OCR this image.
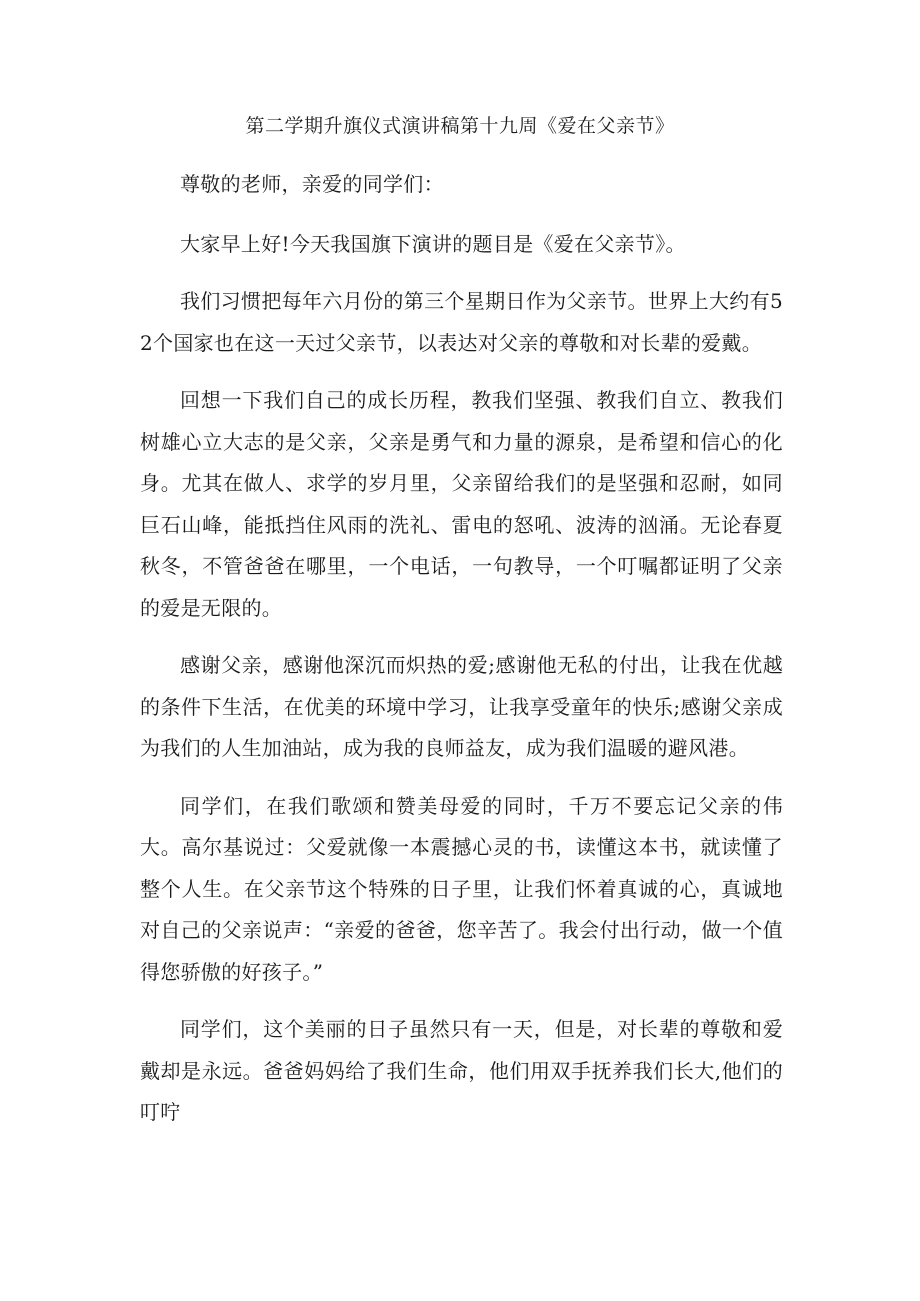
第二学期升旗仪式演讲稿第十九周《爱在父亲节》

尊敬的老师，亲爱的同学们：

大家早上好!今天我国旗下演讲的题目是《爱在父亲节》。

我们习惯把每年六月份的第三个星期日作为父亲节。世界上大约有52个国家也在这一天过父亲节，以表达对父亲的尊敬和对长辈的爱戴。

回想一下我们自己的成长历程，教我们坚强、教我们自立、教我们树雄心立大志的是父亲，父亲是勇气和力量的源泉，是希望和信心的化身。尤其在做人、求学的岁月里，父亲留给我们的是坚强和忍耐，如同巨石山峰，能抵挡住风雨的洗礼、雷电的怒吼、波涛的汹涌。无论春夏秋冬，不管爸爸在哪里，一个电话，一句教导，一个叮嘱都证明了父亲的爱是无限的。

感谢父亲，感谢他深沉而炽热的爱;感谢他无私的付出，让我在优越的条件下生活，在优美的环境中学习，让我享受童年的快乐;感谢父亲成为我们的人生加油站，成为我的良师益友，成为我们温暖的避风港。

同学们，在我们歌颂和赞美母爱的同时，千万不要忘记父亲的伟大。高尔基说过：父爱就像一本震撼心灵的书，读懂这本书，就读懂了整个人生。在父亲节这个特殊的日子里，让我们怀着真诚的心，真诚地对自己的父亲说声：“亲爱的爸爸，您辛苦了。我会付出行动，做一个值得您骄傲的好孩子。”

同学们，这个美丽的日子虽然只有一天，但是，对长辈的尊敬和爱戴却是永远。爸爸妈妈给了我们生命，他们用双手抚养我们长大,他们的叮咛
